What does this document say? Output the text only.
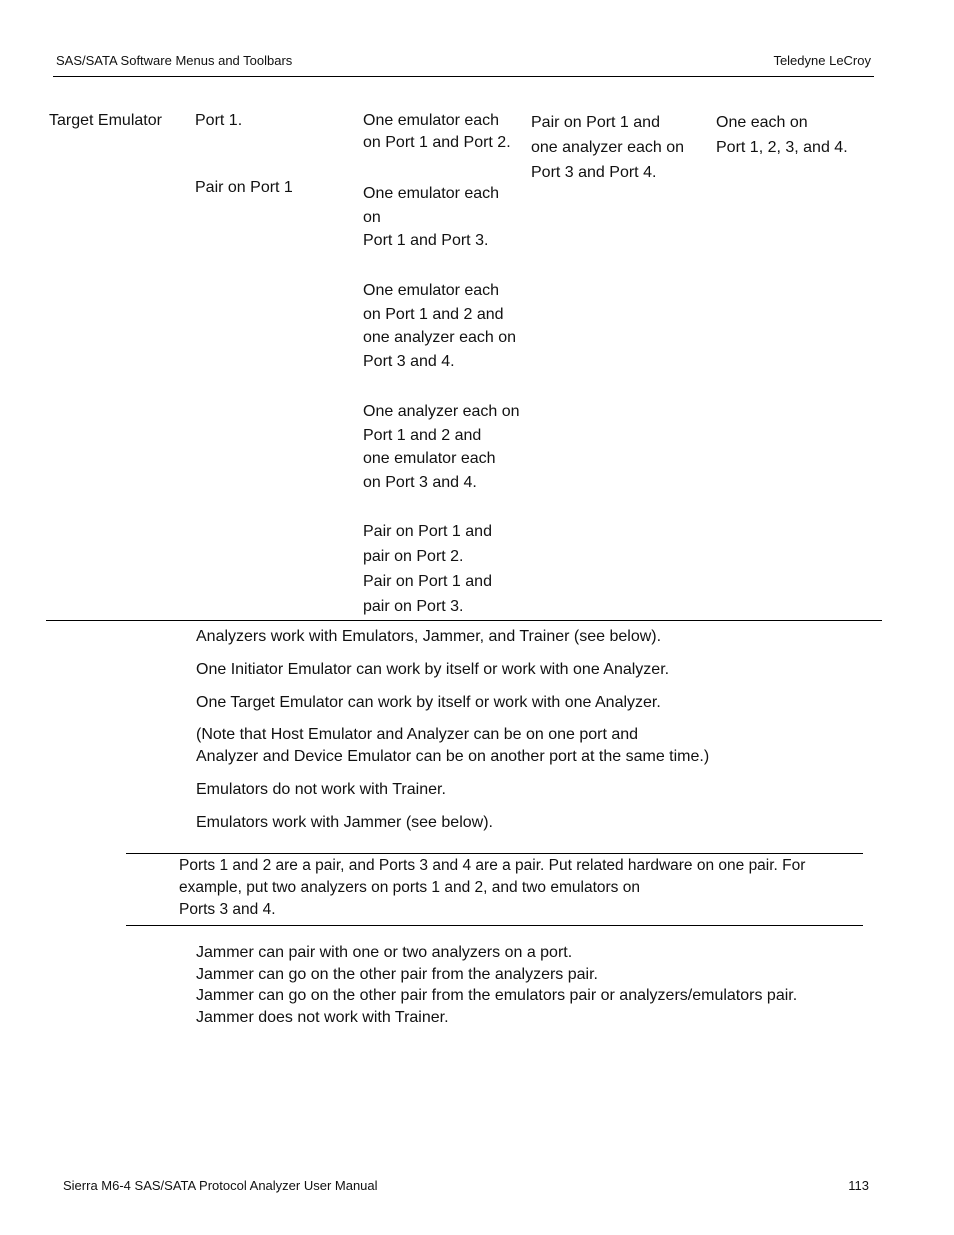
SAS/SATA Software Menus and Toolbars	Teledyne LeCroy
Target Emulator Port 1.
Pair on Port 1
One emulator each
on Port 1 and Port 2.
One emulator each
on
Port 1 and Port 3.
One emulator each
on Port 1 and 2 and
one analyzer each on
Port 3 and 4.
One analyzer each on
Port 1 and 2 and
one emulator each
on Port 3 and 4.
Pair on Port 1 and
pair on Port 2.
Pair on Port 1 and
pair on Port 3.
Pair on Port 1 and
one analyzer each on
Port 3 and Port 4.
One each on
Port 1, 2, 3, and 4.
Analyzers work with Emulators, Jammer, and Trainer (see below).
One Initiator Emulator can work by itself or work with one Analyzer.
One Target Emulator can work by itself or work with one Analyzer.
(Note that Host Emulator and Analyzer can be on one port and
Analyzer and Device Emulator can be on another port at the same time.)
Emulators do not work with Trainer.
Emulators work with Jammer (see below).
Ports 1 and 2 are a pair, and Ports 3 and 4 are a pair. Put related hardware on one pair. For
example, put two analyzers on ports 1 and 2, and two emulators on
Ports 3 and 4.
Jammer can pair with one or two analyzers on a port.
Jammer can go on the other pair from the analyzers pair.
Jammer can go on the other pair from the emulators pair or analyzers/emulators pair.
Jammer does not work with Trainer.
Sierra M6-4 SAS/SATA Protocol Analyzer User Manual	113
